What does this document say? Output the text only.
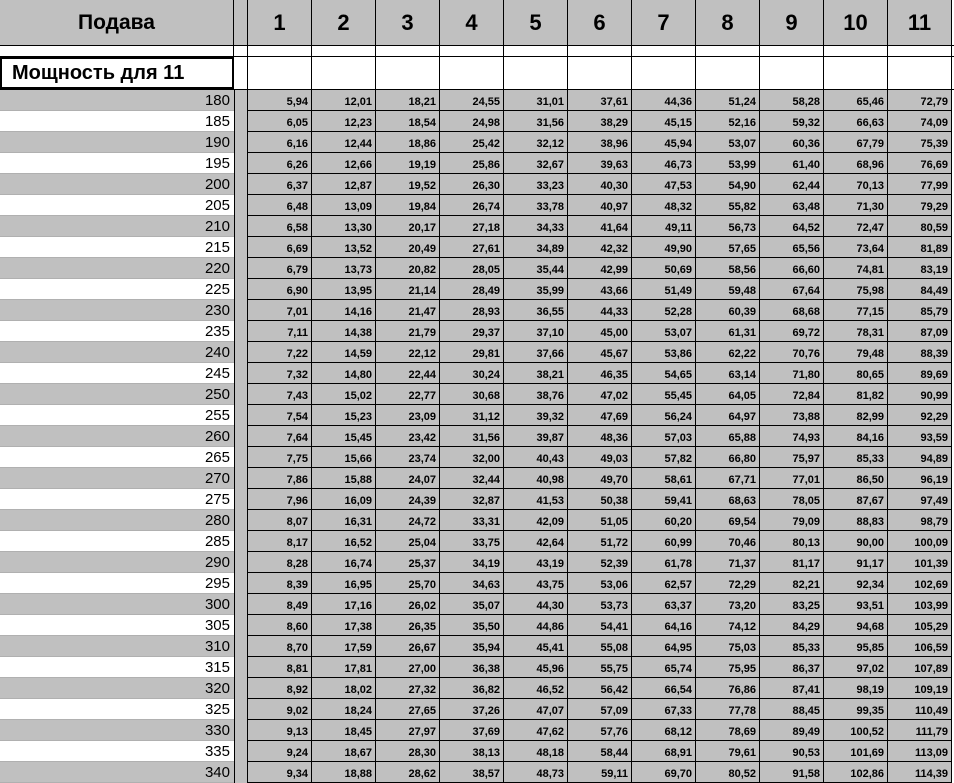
Подава	1	2	3	4	5	6	7	8	9	10	11
Мощность для 11
180	5,94	12,01	18,21	24,55	31,01	37,61	44,36	51,24	58,28	65,46	72,79
185	6,05	12,23	18,54	24,98	31,56	38,29	45,15	52,16	59,32	66,63	74,09
190	6,16	12,44	18,86	25,42	32,12	38,96	45,94	53,07	60,36	67,79	75,39
195	6,26	12,66	19,19	25,86	32,67	39,63	46,73	53,99	61,40	68,96	76,69
200	6,37	12,87	19,52	26,30	33,23	40,30	47,53	54,90	62,44	70,13	77,99
205	6,48	13,09	19,84	26,74	33,78	40,97	48,32	55,82	63,48	71,30	79,29
210	6,58	13,30	20,17	27,18	34,33	41,64	49,11	56,73	64,52	72,47	80,59
215	6,69	13,52	20,49	27,61	34,89	42,32	49,90	57,65	65,56	73,64	81,89
220	6,79	13,73	20,82	28,05	35,44	42,99	50,69	58,56	66,60	74,81	83,19
225	6,90	13,95	21,14	28,49	35,99	43,66	51,49	59,48	67,64	75,98	84,49
230	7,01	14,16	21,47	28,93	36,55	44,33	52,28	60,39	68,68	77,15	85,79
235	7,11	14,38	21,79	29,37	37,10	45,00	53,07	61,31	69,72	78,31	87,09
240	7,22	14,59	22,12	29,81	37,66	45,67	53,86	62,22	70,76	79,48	88,39
245	7,32	14,80	22,44	30,24	38,21	46,35	54,65	63,14	71,80	80,65	89,69
250	7,43	15,02	22,77	30,68	38,76	47,02	55,45	64,05	72,84	81,82	90,99
255	7,54	15,23	23,09	31,12	39,32	47,69	56,24	64,97	73,88	82,99	92,29
260	7,64	15,45	23,42	31,56	39,87	48,36	57,03	65,88	74,93	84,16	93,59
265	7,75	15,66	23,74	32,00	40,43	49,03	57,82	66,80	75,97	85,33	94,89
270	7,86	15,88	24,07	32,44	40,98	49,70	58,61	67,71	77,01	86,50	96,19
275	7,96	16,09	24,39	32,87	41,53	50,38	59,41	68,63	78,05	87,67	97,49
280	8,07	16,31	24,72	33,31	42,09	51,05	60,20	69,54	79,09	88,83	98,79
285	8,17	16,52	25,04	33,75	42,64	51,72	60,99	70,46	80,13	90,00	100,09
290	8,28	16,74	25,37	34,19	43,19	52,39	61,78	71,37	81,17	91,17	101,39
295	8,39	16,95	25,70	34,63	43,75	53,06	62,57	72,29	82,21	92,34	102,69
300	8,49	17,16	26,02	35,07	44,30	53,73	63,37	73,20	83,25	93,51	103,99
305	8,60	17,38	26,35	35,50	44,86	54,41	64,16	74,12	84,29	94,68	105,29
310	8,70	17,59	26,67	35,94	45,41	55,08	64,95	75,03	85,33	95,85	106,59
315	8,81	17,81	27,00	36,38	45,96	55,75	65,74	75,95	86,37	97,02	107,89
320	8,92	18,02	27,32	36,82	46,52	56,42	66,54	76,86	87,41	98,19	109,19
325	9,02	18,24	27,65	37,26	47,07	57,09	67,33	77,78	88,45	99,35	110,49
330	9,13	18,45	27,97	37,69	47,62	57,76	68,12	78,69	89,49	100,52	111,79
335	9,24	18,67	28,30	38,13	48,18	58,44	68,91	79,61	90,53	101,69	113,09
340	9,34	18,88	28,62	38,57	48,73	59,11	69,70	80,52	91,58	102,86	114,39
